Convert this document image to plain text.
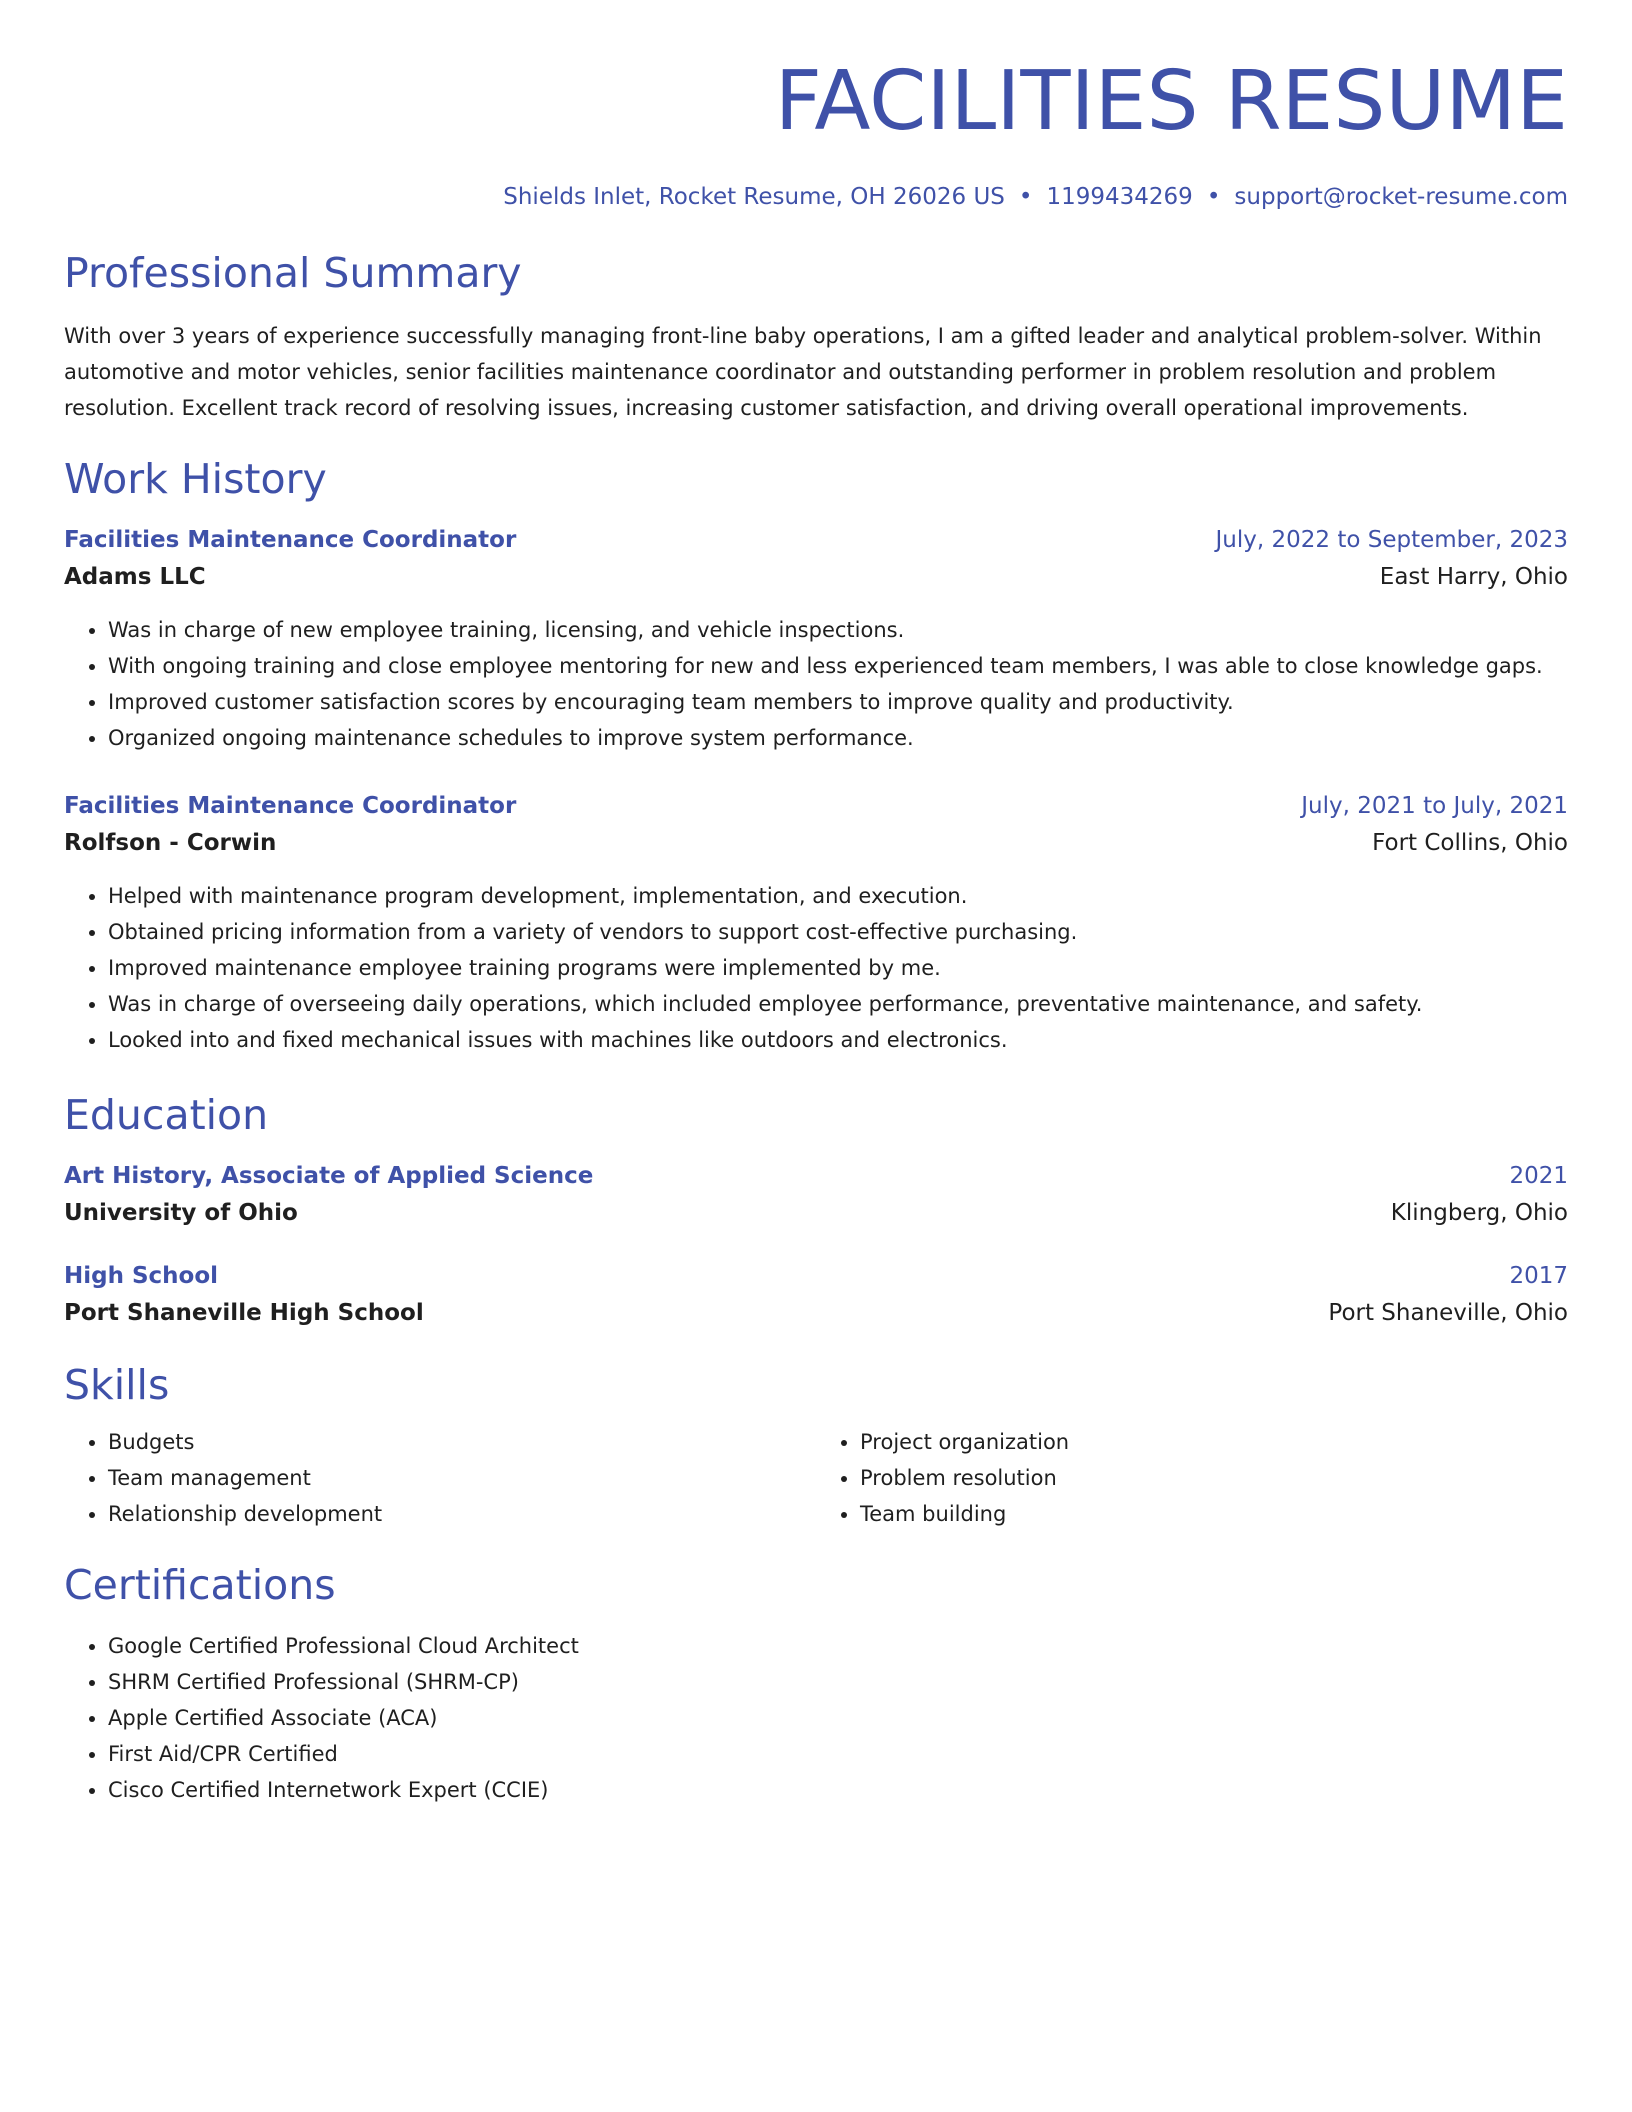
FACILITIES RESUME
Shields Inlet, Rocket Resume, OH 26026 US • 1199434269 • support@rocket-resume.com
Professional Summary
With over 3 years of experience successfully managing front-line baby operations, I am a gifted leader and analytical problem-solver. Within automotive and motor vehicles, senior facilities maintenance coordinator and outstanding performer in problem resolution and problem resolution. Excellent track record of resolving issues, increasing customer satisfaction, and driving overall operational improvements.
Work History
Facilities Maintenance Coordinator	July, 2022 to September, 2023
Adams LLC	East Harry, Ohio
• Was in charge of new employee training, licensing, and vehicle inspections.
• With ongoing training and close employee mentoring for new and less experienced team members, I was able to close knowledge gaps.
• Improved customer satisfaction scores by encouraging team members to improve quality and productivity.
• Organized ongoing maintenance schedules to improve system performance.
Facilities Maintenance Coordinator	July, 2021 to July, 2021
Rolfson - Corwin	Fort Collins, Ohio
• Helped with maintenance program development, implementation, and execution.
• Obtained pricing information from a variety of vendors to support cost-effective purchasing.
• Improved maintenance employee training programs were implemented by me.
• Was in charge of overseeing daily operations, which included employee performance, preventative maintenance, and safety.
• Looked into and fixed mechanical issues with machines like outdoors and electronics.
Education
Art History, Associate of Applied Science	2021
University of Ohio	Klingberg, Ohio
High School	2017
Port Shaneville High School	Port Shaneville, Ohio
Skills
• Budgets
• Team management
• Relationship development
• Project organization
• Problem resolution
• Team building
Certifications
• Google Certified Professional Cloud Architect
• SHRM Certified Professional (SHRM-CP)
• Apple Certified Associate (ACA)
• First Aid/CPR Certified
• Cisco Certified Internetwork Expert (CCIE)
